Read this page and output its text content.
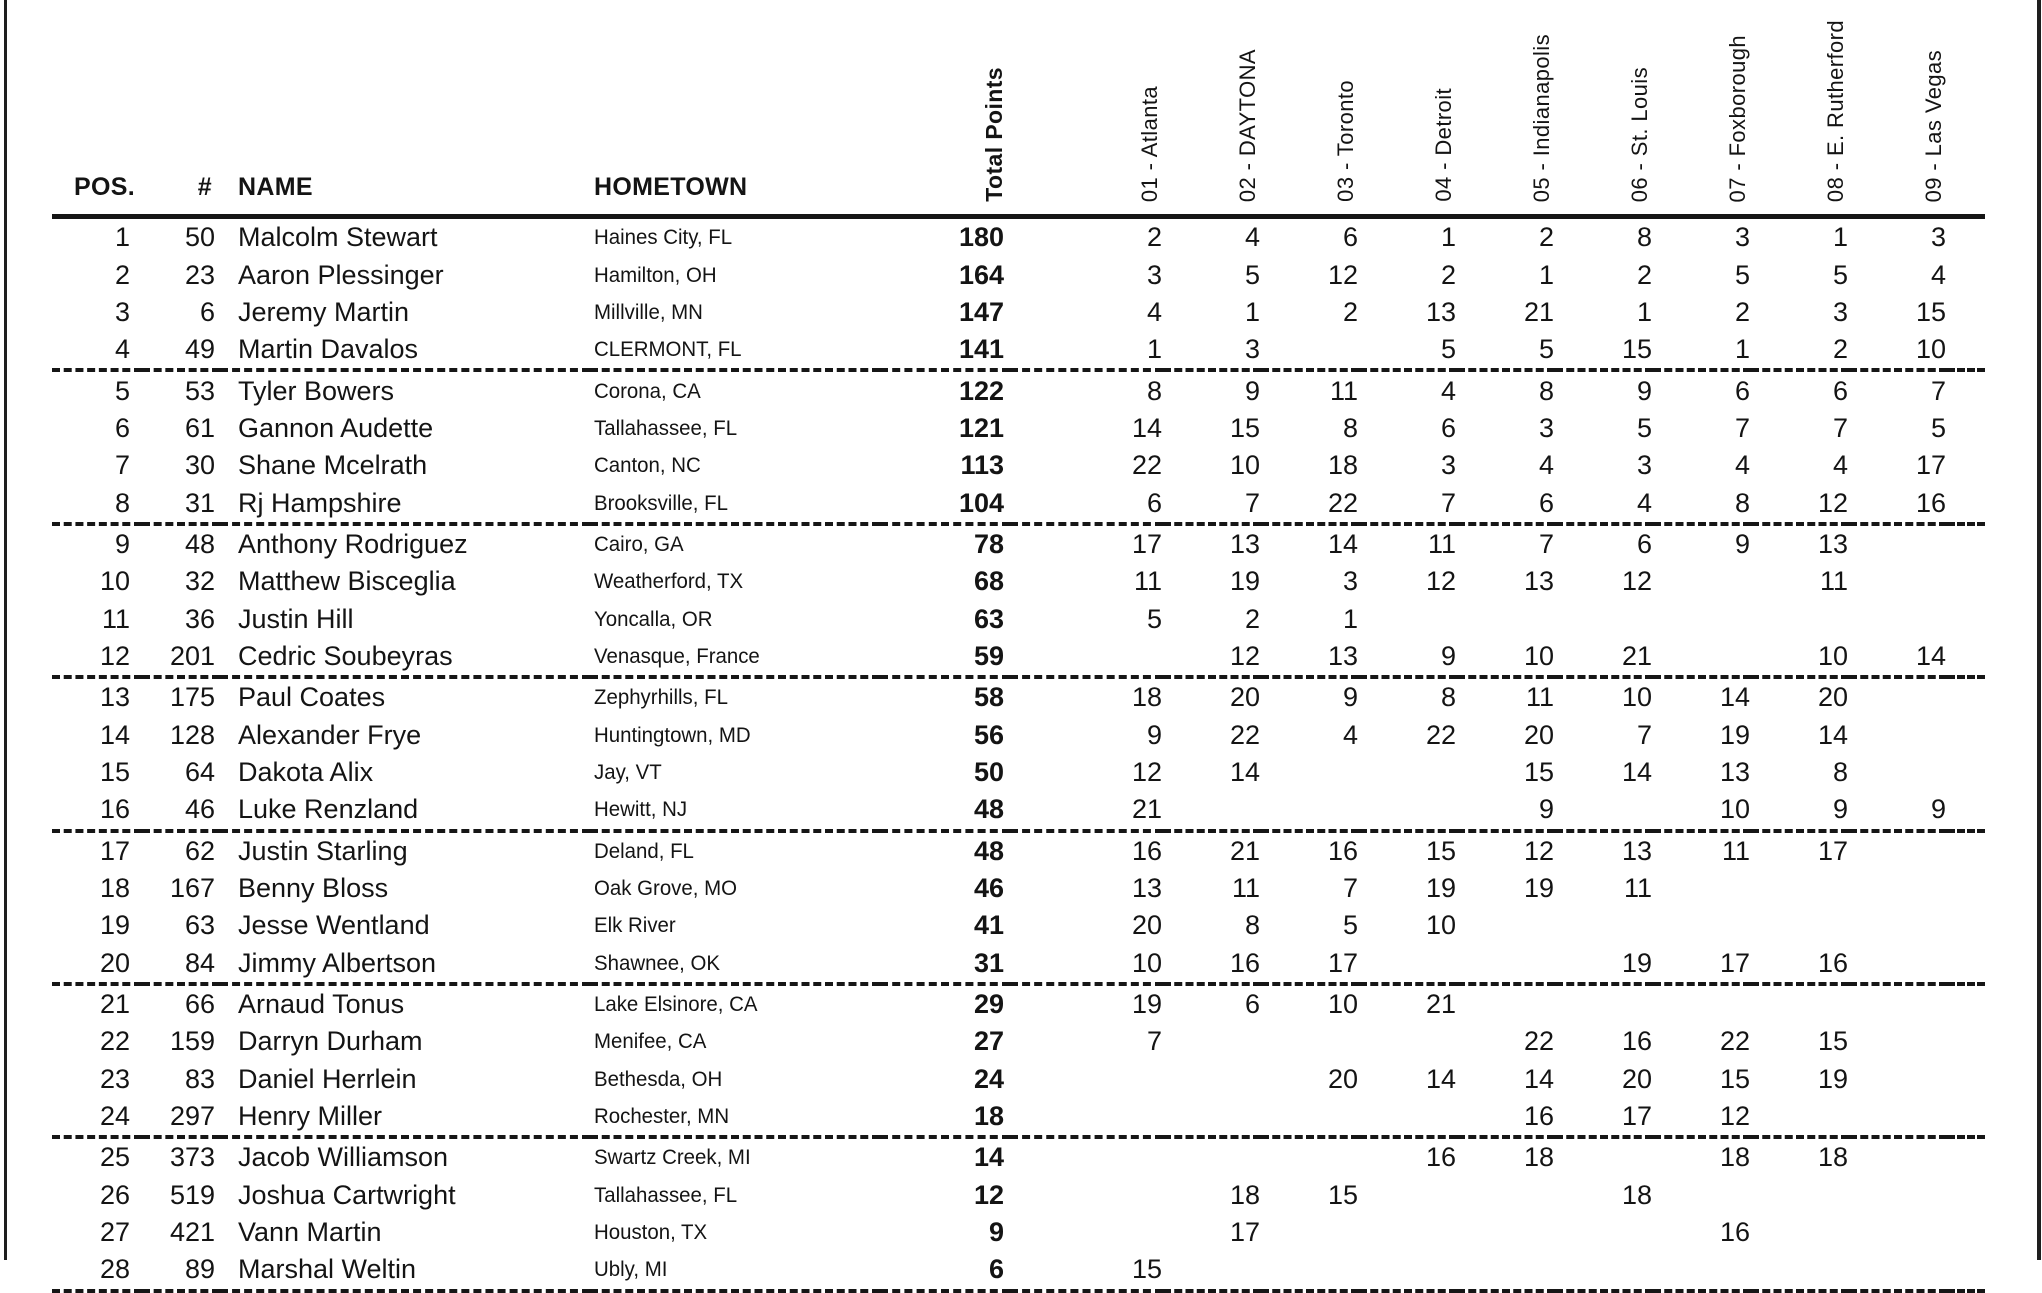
POS.	#	NAME	HOMETOWN	Total Points	01 - Atlanta	02 - DAYTONA	03 - Toronto	04 - Detroit	05 - Indianapolis	06 - St. Louis	07 - Foxborough	08 - E. Rutherford	09 - Las Vegas	

1	50	Malcolm Stewart	Haines City, FL	180	2	4	6	1	2	8	3	1	3	
2	23	Aaron Plessinger	Hamilton, OH	164	3	5	12	2	1	2	5	5	4	
3	6	Jeremy Martin	Millville, MN	147	4	1	2	13	21	1	2	3	15	
4	49	Martin Davalos	CLERMONT, FL	141	1	3		5	5	15	1	2	10	
5	53	Tyler Bowers	Corona, CA	122	8	9	11	4	8	9	6	6	7	
6	61	Gannon Audette	Tallahassee, FL	121	14	15	8	6	3	5	7	7	5	
7	30	Shane Mcelrath	Canton, NC	113	22	10	18	3	4	3	4	4	17	
8	31	Rj Hampshire	Brooksville, FL	104	6	7	22	7	6	4	8	12	16	
9	48	Anthony Rodriguez	Cairo, GA	78	17	13	14	11	7	6	9	13		
10	32	Matthew Bisceglia	Weatherford, TX	68	11	19	3	12	13	12		11		
11	36	Justin Hill	Yoncalla, OR	63	5	2	1							
12	201	Cedric Soubeyras	Venasque, France	59		12	13	9	10	21		10	14	
13	175	Paul Coates	Zephyrhills, FL	58	18	20	9	8	11	10	14	20		
14	128	Alexander Frye	Huntingtown, MD	56	9	22	4	22	20	7	19	14		
15	64	Dakota Alix	Jay, VT	50	12	14			15	14	13	8		
16	46	Luke Renzland	Hewitt, NJ	48	21				9		10	9	9	
17	62	Justin Starling	Deland, FL	48	16	21	16	15	12	13	11	17		
18	167	Benny Bloss	Oak Grove, MO	46	13	11	7	19	19	11				
19	63	Jesse Wentland	Elk River	41	20	8	5	10						
20	84	Jimmy Albertson	Shawnee, OK	31	10	16	17			19	17	16		
21	66	Arnaud Tonus	Lake Elsinore, CA	29	19	6	10	21						
22	159	Darryn Durham	Menifee, CA	27	7				22	16	22	15		
23	83	Daniel Herrlein	Bethesda, OH	24			20	14	14	20	15	19		
24	297	Henry Miller	Rochester, MN	18					16	17	12			
25	373	Jacob Williamson	Swartz Creek, MI	14				16	18		18	18		
26	519	Joshua Cartwright	Tallahassee, FL	12		18	15			18				
27	421	Vann Martin	Houston, TX	9		17					16			
28	89	Marshal Weltin	Ubly, MI	6	15									
